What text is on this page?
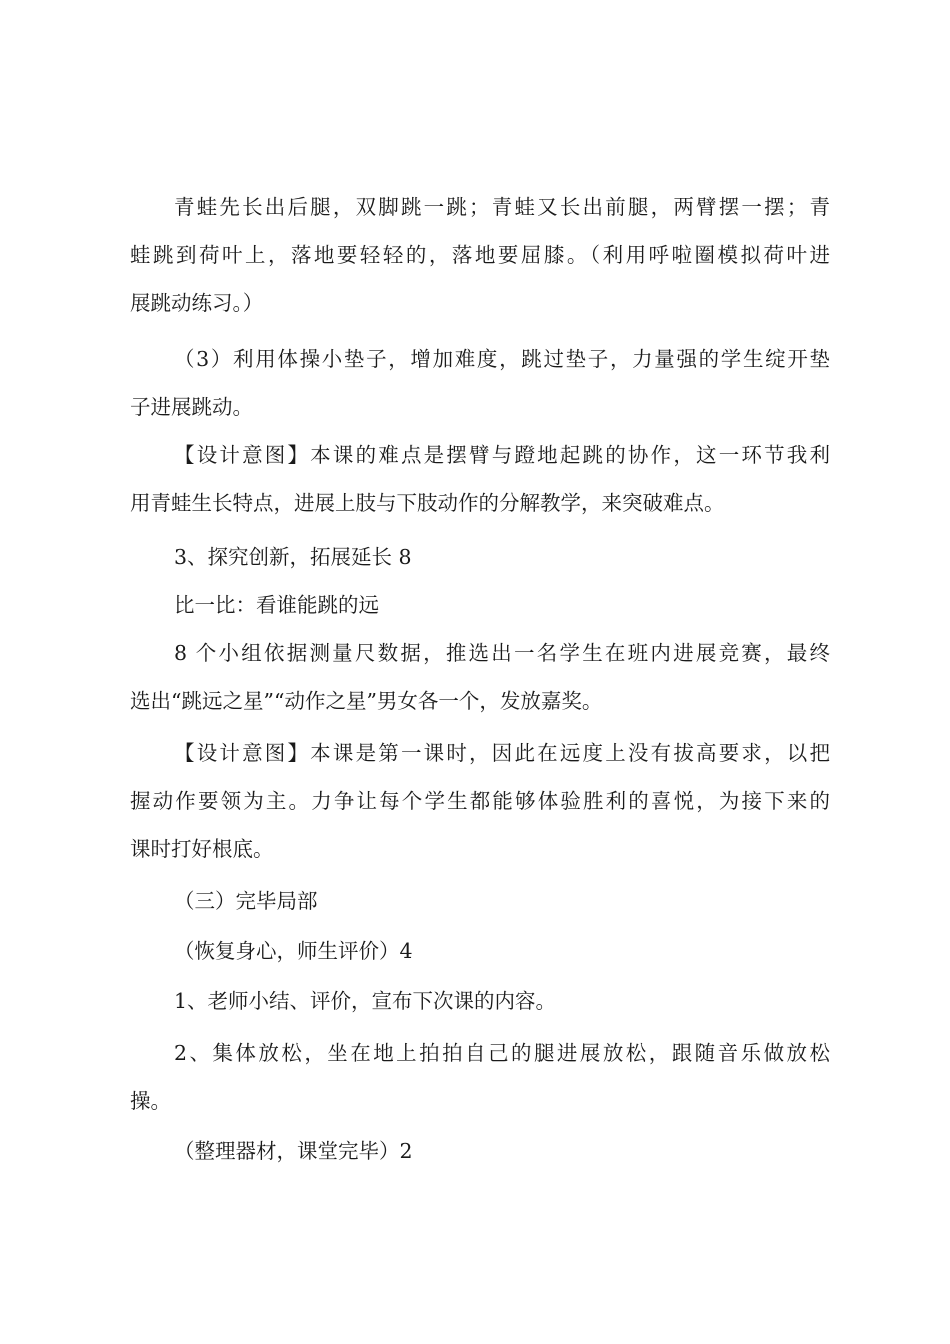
青蛙先长出后腿，双脚跳一跳；青蛙又长出前腿，两臂摆一摆；青

蛙跳到荷叶上，落地要轻轻的，落地要屈膝。（利用呼啦圈模拟荷叶进

展跳动练习。）

（3）利用体操小垫子，增加难度，跳过垫子，力量强的学生绽开垫

子进展跳动。

【设计意图】本课的难点是摆臂与蹬地起跳的协作，这一环节我利

用青蛙生长特点，进展上肢与下肢动作的分解教学，来突破难点。

3、探究创新，拓展延长 8

比一比：看谁能跳的远

8 个小组依据测量尺数据，推选出一名学生在班内进展竞赛，最终

选出“跳远之星”“动作之星”男女各一个，发放嘉奖。

【设计意图】本课是第一课时，因此在远度上没有拔高要求，以把

握动作要领为主。力争让每个学生都能够体验胜利的喜悦，为接下来的

课时打好根底。

（三）完毕局部

（恢复身心，师生评价）4

1、老师小结、评价，宣布下次课的内容。

2、集体放松，坐在地上拍拍自己的腿进展放松，跟随音乐做放松

操。

（整理器材，课堂完毕）2
